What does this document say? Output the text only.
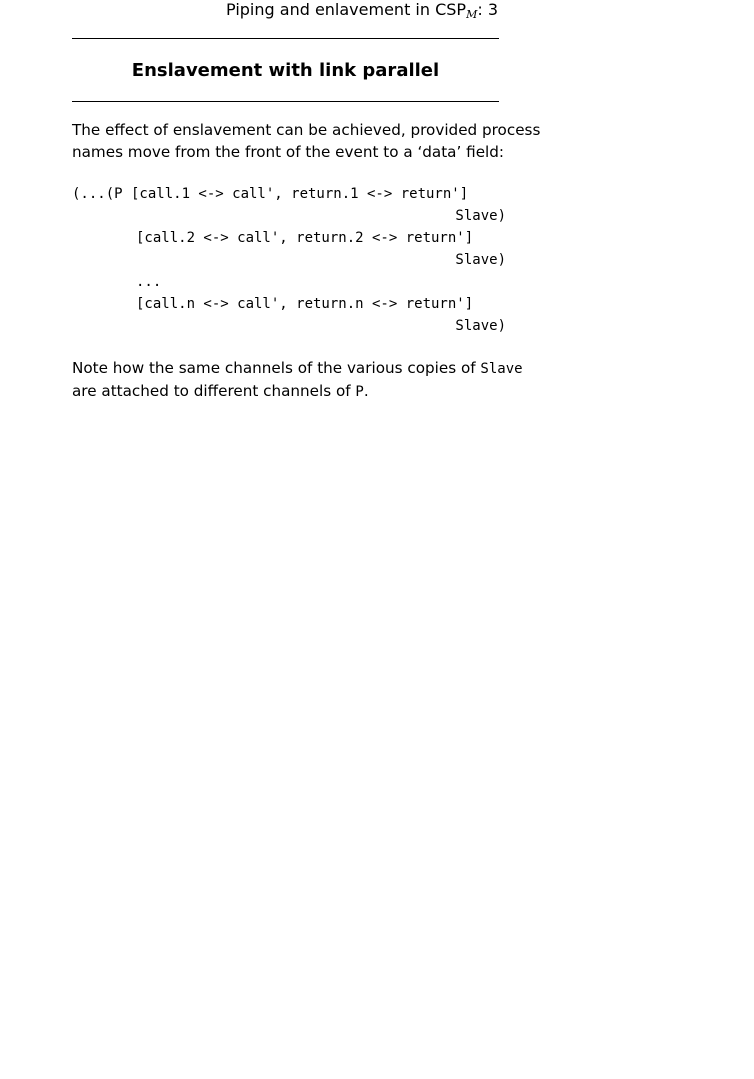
Piping and enlavement in $CSP_M$: 3
Enslavement with link parallel
The effect of enslavement can be achieved, provided process
names move from the front of the event to a ‘data’ field:
(...(P [call.1 <-> call', return.1 <-> return']
Slave)
[call.2 <-> call', return.2 <-> return']
Slave)
...
[call.n <-> call', return.n <-> return']
Slave)
Note how the same channels of the various copies of Slave
are attached to different channels of P.
